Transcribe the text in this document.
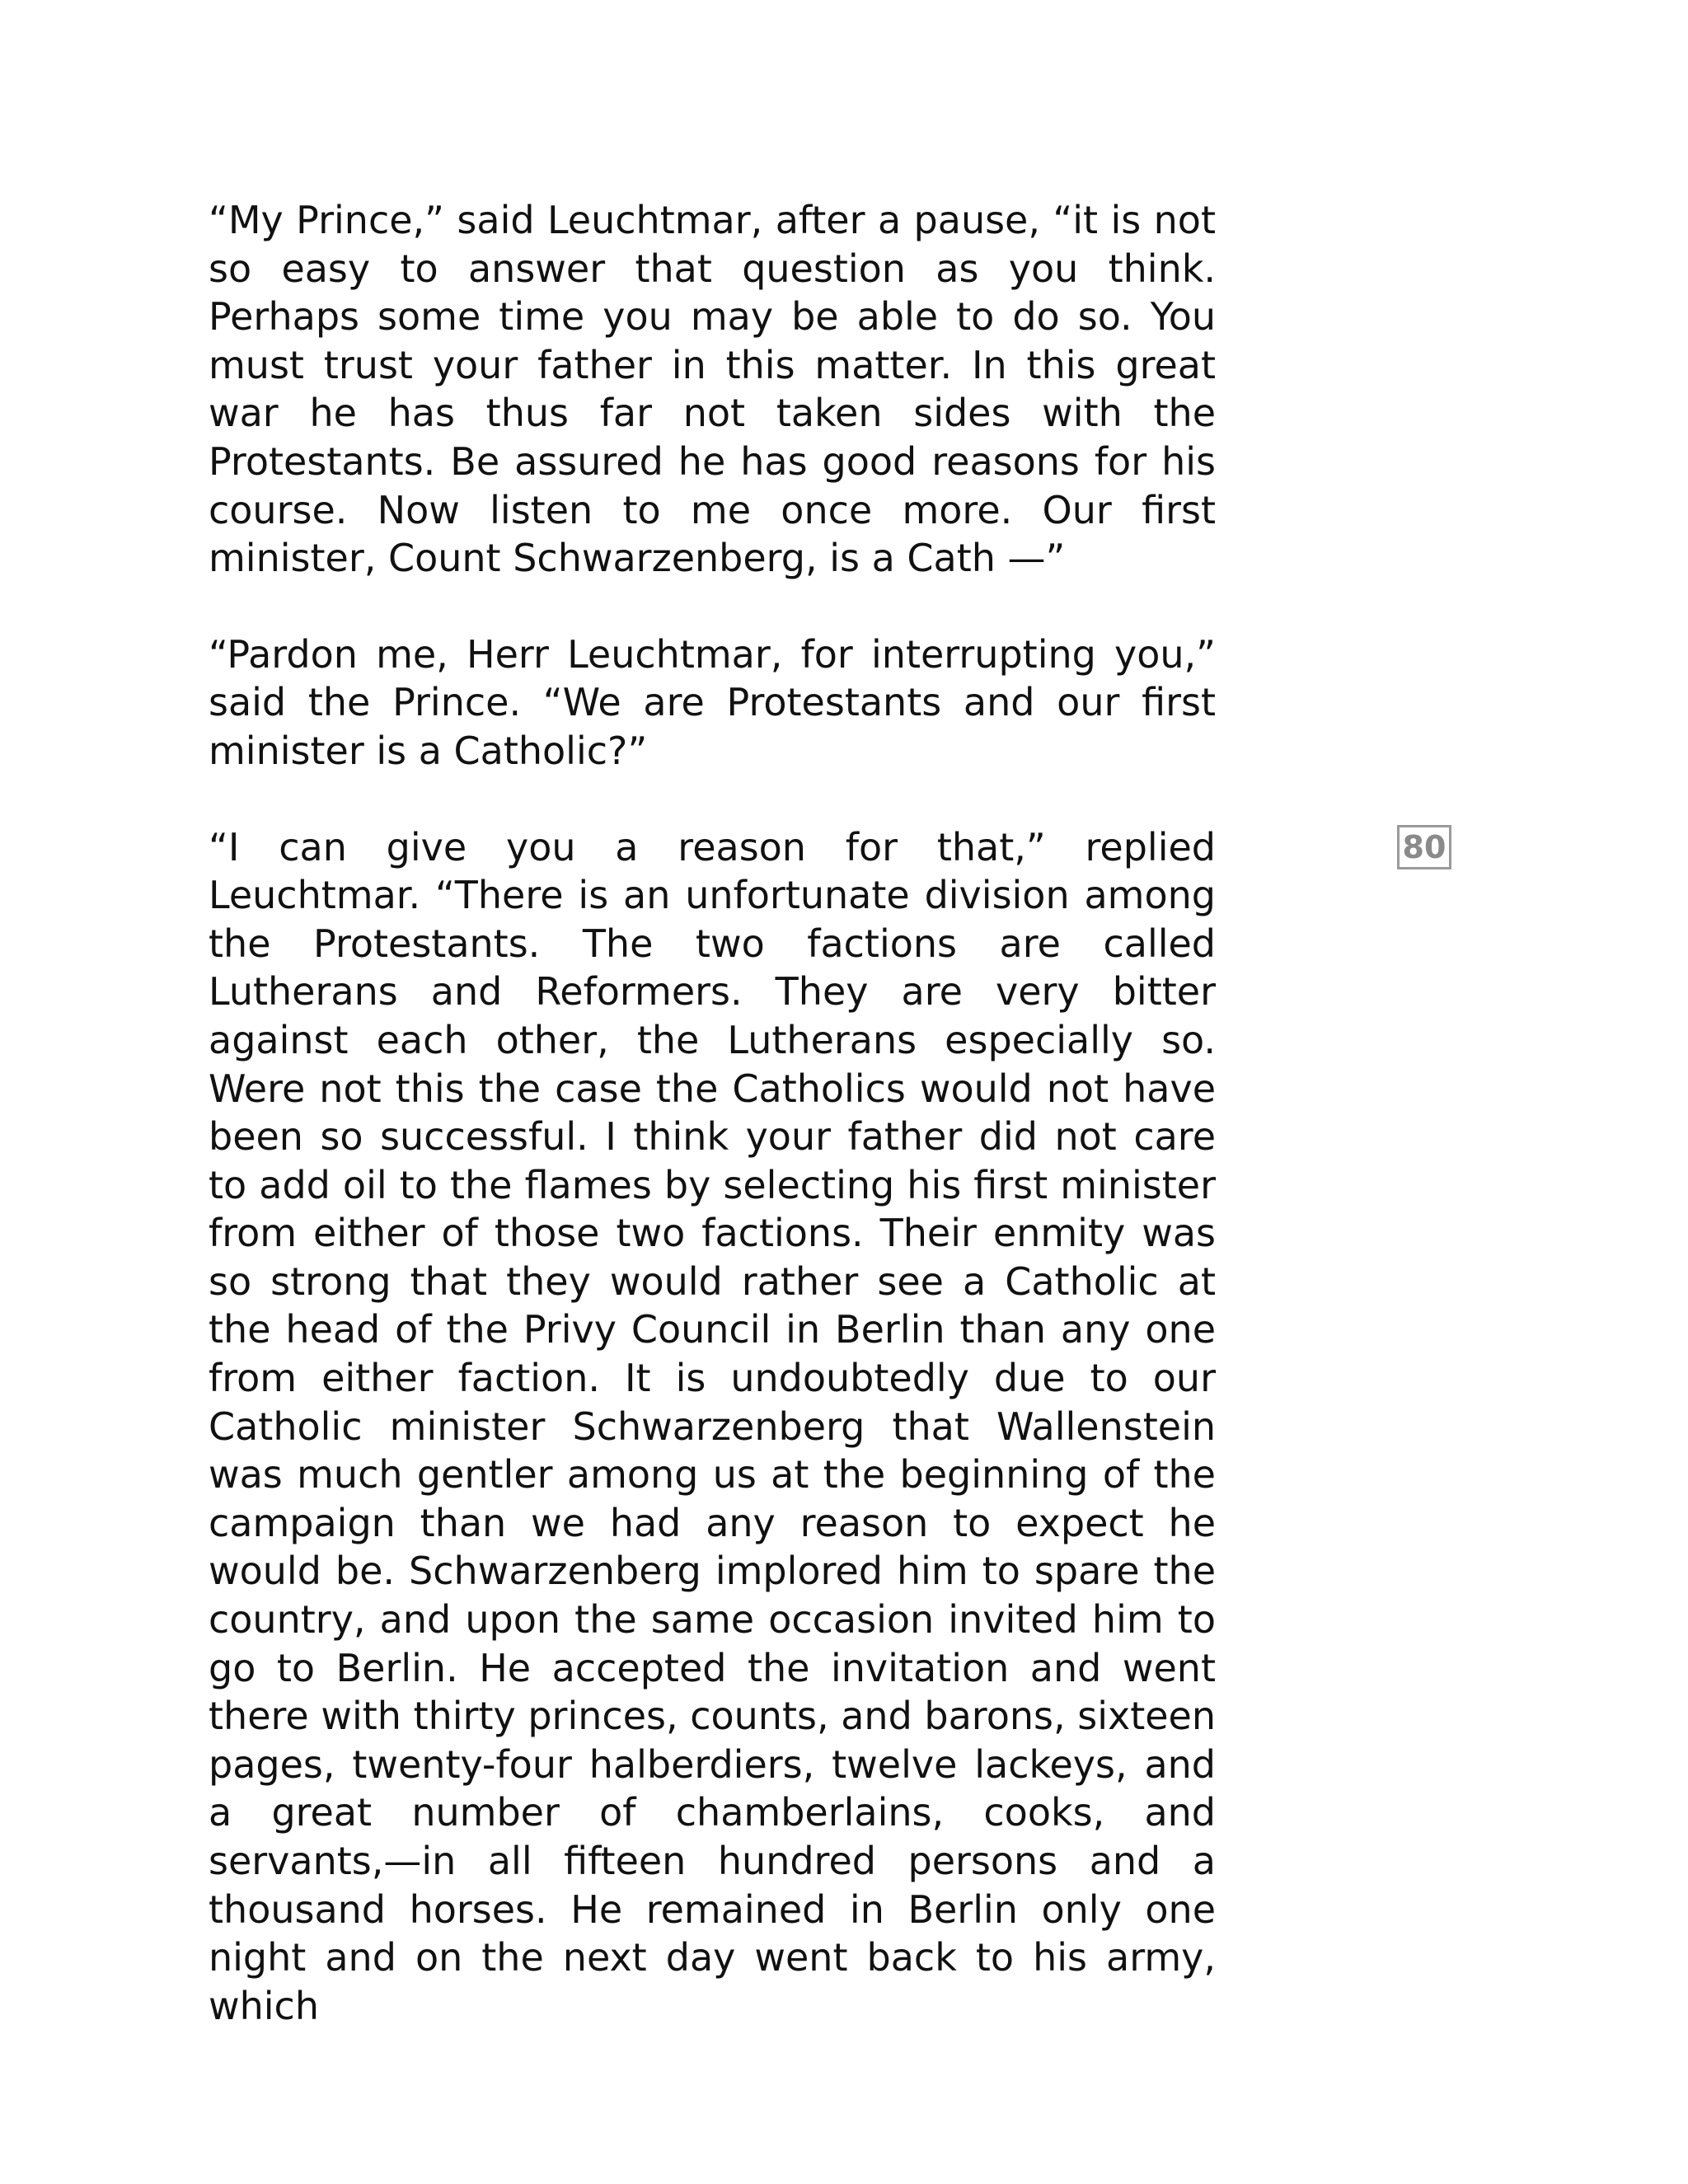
“My Prince,” said Leuchtmar, after a pause, “it is not so easy to answer that question as you think. Perhaps some time you may be able to do so. You must trust your father in this matter. In this great war he has thus far not taken sides with the Protestants. Be assured he has good reasons for his course. Now listen to me once more. Our first minister, Count Schwarzenberg, is a Cath —”

“Pardon me, Herr Leuchtmar, for interrupting you,” said the Prince. “We are Protestants and our first minister is a Catholic?”

“I can give you a reason for that,” replied Leuchtmar. “There is an unfortunate division among the Protestants. The two factions are called Lutherans and Reformers. They are very bitter against each other, the Lutherans especially so. Were not this the case the Catholics would not have been so successful. I think your father did not care to add oil to the flames by selecting his first minister from either of those two factions. Their enmity was so strong that they would rather see a Catholic at the head of the Privy Council in Berlin than any one from either faction. It is undoubtedly due to our Catholic minister Schwarzenberg that Wallenstein was much gentler among us at the beginning of the campaign than we had any reason to expect he would be. Schwarzenberg implored him to spare the country, and upon the same occasion invited him to go to Berlin. He accepted the invitation and went there with thirty princes, counts, and barons, sixteen pages, twenty-four halberdiers, twelve lackeys, and a great number of chamberlains, cooks, and servants,—in all fifteen hundred persons and a thousand horses. He remained in Berlin only one night and on the next day went back to his army, which

80
